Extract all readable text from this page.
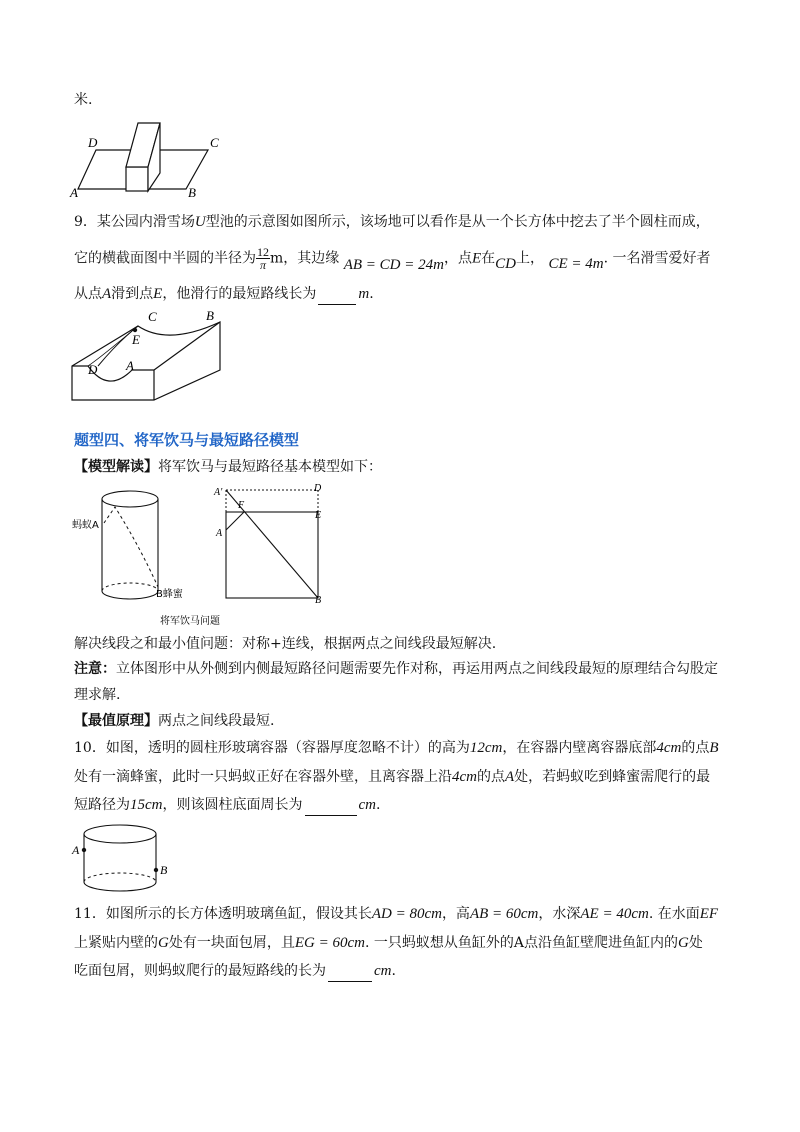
米.
D	C
A	B
9．某公园内滑雪场U型池的示意图如图所示，该场地可以看作是从一个长方体中挖去了半个圆柱而成，
它的横截面图中半圆的半径为 $\frac{12}{\pi}$ m，其边缘 AB = CD = 24m，点E在CD上， CE = 4m. 一名滑雪爱好者
从点A滑到点E，他滑行的最短路线长为	m.
C	B
E
D A
题型四、将军饮马与最短路径模型
【模型解读】将军饮马与最短路径基本模型如下：
蚂蚁A
B蜂蜜
将军饮马问题
A'	D
F
E
A
B
解决线段之和最小值问题：对称+连线，根据两点之间线段最短解决.
注意：立体图形中从外侧到内侧最短路径问题需要先作对称，再运用两点之间线段最短的原理结合勾股定
理求解.
【最值原理】两点之间线段最短.
10．如图，透明的圆柱形玻璃容器（容器厚度忽略不计）的高为12cm，在容器内壁离容器底部4cm的点B
处有一滴蜂蜜，此时一只蚂蚁正好在容器外壁，且离容器上沿4cm的点A处，若蚂蚁吃到蜂蜜需爬行的最
短路径为15cm，则该圆柱底面周长为	cm.
A
B
11．如图所示的长方体透明玻璃鱼缸，假设其长AD = 80cm，高AB = 60cm，水深AE = 40cm. 在水面EF
上紧贴内壁的G处有一块面包屑，且EG = 60cm. 一只蚂蚁想从鱼缸外的A点沿鱼缸壁爬进鱼缸内的G处
吃面包屑，则蚂蚁爬行的最短路线的长为	cm.
